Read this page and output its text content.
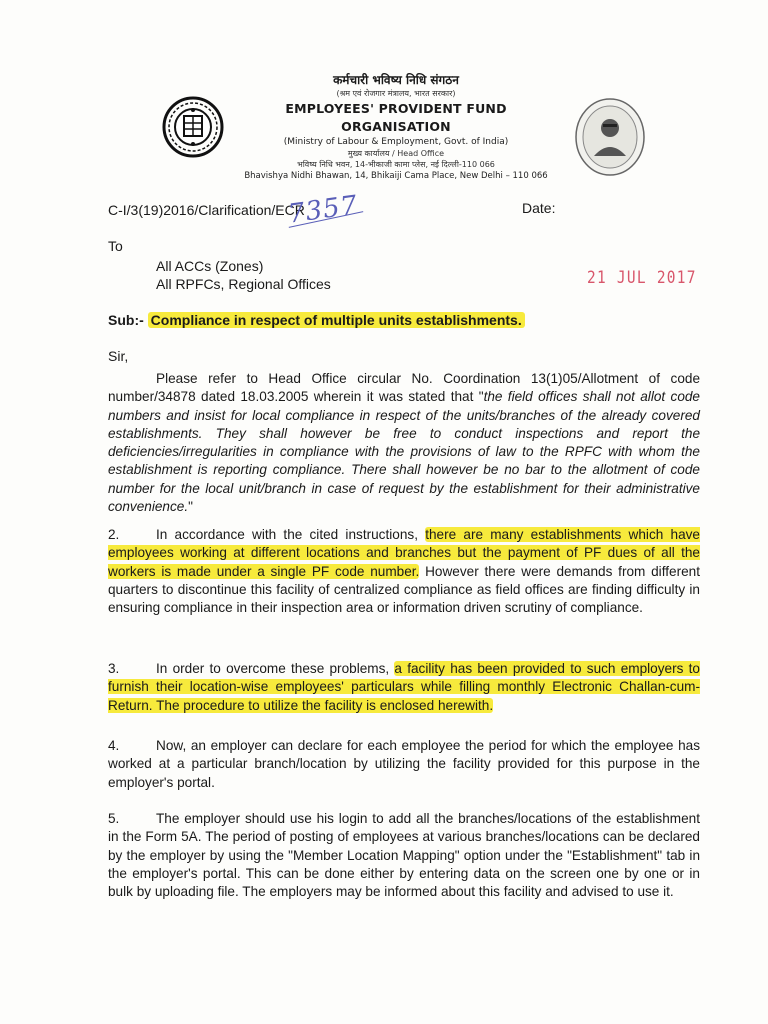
कर्मचारी भविष्य निधि संगठन
(श्रम एवं रोजगार मंत्रालय, भारत सरकार)
EMPLOYEES' PROVIDENT FUND ORGANISATION
(Ministry of Labour & Employment, Govt. of India)
मुख्य कार्यालय / Head Office
भविष्य निधि भवन, 14-भीकाजी कामा प्लेस, नई दिल्ली-110 066
Bhavishya Nidhi Bhawan, 14, Bhikaiji Cama Place, New Delhi – 110 066
C-I/3(19)2016/Clarification/ECR
7357	Date:
To
All ACCs (Zones)
All RPFCs, Regional Offices	21 JUL 2017
Sub:- Compliance in respect of multiple units establishments.
Sir,
Please refer to Head Office circular No. Coordination 13(1)05/Allotment of code number/34878 dated 18.03.2005 wherein it was stated that "the field offices shall not allot code numbers and insist for local compliance in respect of the units/branches of the already covered establishments. They shall however be free to conduct inspections and report the deficiencies/irregularities in compliance with the provisions of law to the RPFC with whom the establishment is reporting compliance. There shall however be no bar to the allotment of code number for the local unit/branch in case of request by the establishment for their administrative convenience."
2.	In accordance with the cited instructions, there are many establishments which have employees working at different locations and branches but the payment of PF dues of all the workers is made under a single PF code number. However there were demands from different quarters to discontinue this facility of centralized compliance as field offices are finding difficulty in ensuring compliance in their inspection area or information driven scrutiny of compliance.
3.	In order to overcome these problems, a facility has been provided to such employers to furnish their location-wise employees' particulars while filling monthly Electronic Challan-cum-Return. The procedure to utilize the facility is enclosed herewith.
4.	Now, an employer can declare for each employee the period for which the employee has worked at a particular branch/location by utilizing the facility provided for this purpose in the employer's portal.
5.	The employer should use his login to add all the branches/locations of the establishment in the Form 5A. The period of posting of employees at various branches/locations can be declared by the employer by using the "Member Location Mapping" option under the "Establishment" tab in the employer's portal. This can be done either by entering data on the screen one by one or in bulk by uploading file. The employers may be informed about this facility and advised to use it.
